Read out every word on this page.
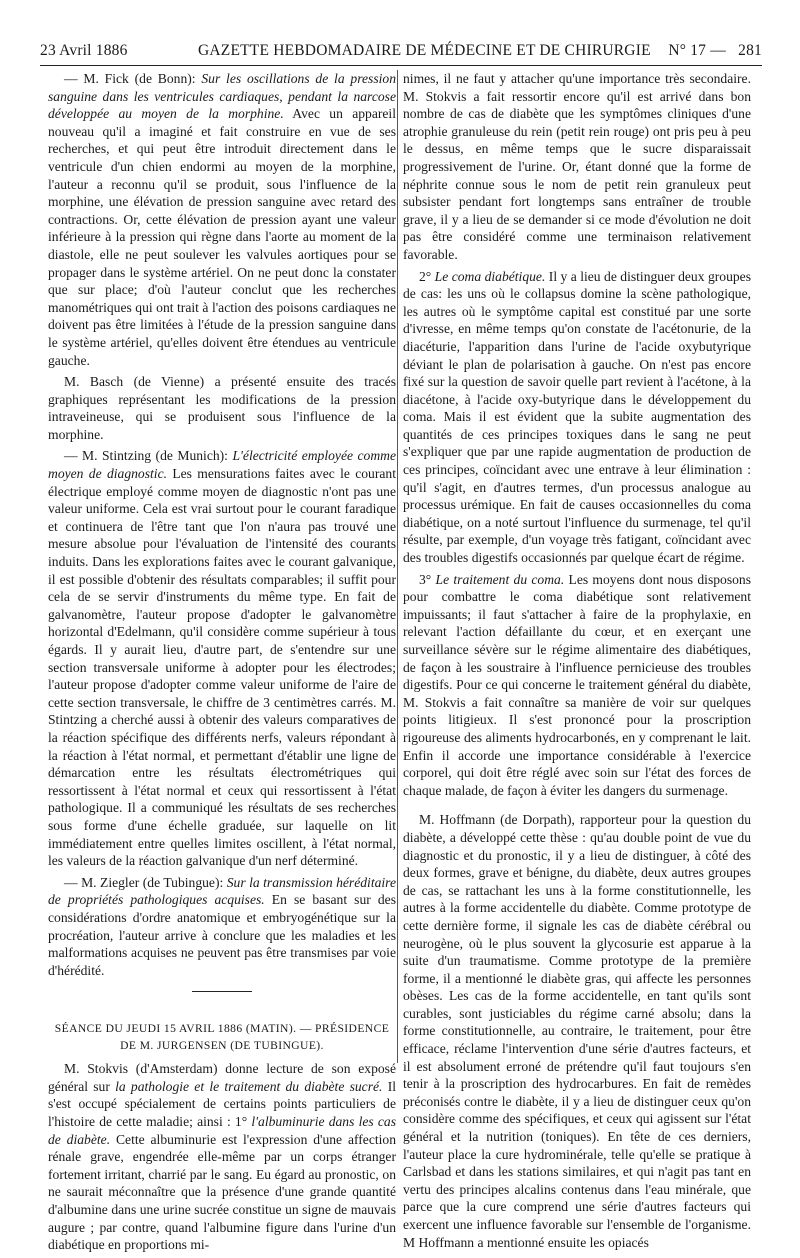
23 Avril 1886	GAZETTE HEBDOMADAIRE DE MÉDECINE ET DE CHIRURGIE N° 17 — 281

— M. Fick (de Bonn): Sur les oscillations de la pression sanguine dans les ventricules cardiaques, pendant la narcose développée au moyen de la morphine. Avec un appareil nouveau qu'il a imaginé et fait construire en vue de ses recherches, et qui peut être introduit directement dans le ventricule d'un chien endormi au moyen de la morphine, l'auteur a reconnu qu'il se produit, sous l'influence de la morphine, une élévation de pression sanguine avec retard des contractions. Or, cette élévation de pression ayant une valeur inférieure à la pression qui règne dans l'aorte au moment de la diastole, elle ne peut soulever les valvules aortiques pour se propager dans le système artériel. On ne peut donc la constater que sur place; d'où l'auteur conclut que les recherches manométriques qui ont trait à l'action des poisons cardiaques ne doivent pas être limitées à l'étude de la pression sanguine dans le système artériel, qu'elles doivent être étendues au ventricule gauche.

M. Basch (de Vienne) a présenté ensuite des tracés graphiques représentant les modifications de la pression intraveineuse, qui se produisent sous l'influence de la morphine.

— M. Stintzing (de Munich): L'électricité employée comme moyen de diagnostic. Les mensurations faites avec le courant électrique employé comme moyen de diagnostic n'ont pas une valeur uniforme. Cela est vrai surtout pour le courant faradique et continuera de l'être tant que l'on n'aura pas trouvé une mesure absolue pour l'évaluation de l'intensité des courants induits. Dans les explorations faites avec le courant galvanique, il est possible d'obtenir des résultats comparables; il suffit pour cela de se servir d'instruments du même type. En fait de galvanomètre, l'auteur propose d'adopter le galvanomètre horizontal d'Edelmann, qu'il considère comme supérieur à tous égards. Il y aurait lieu, d'autre part, de s'entendre sur une section transversale uniforme à adopter pour les électrodes; l'auteur propose d'adopter comme valeur uniforme de l'aire de cette section transversale, le chiffre de 3 centimètres carrés. M. Stintzing a cherché aussi à obtenir des valeurs comparatives de la réaction spécifique des différents nerfs, valeurs répondant à la réaction à l'état normal, et permettant d'établir une ligne de démarcation entre les résultats électrométriques qui ressortissent à l'état normal et ceux qui ressortissent à l'état pathologique. Il a communiqué les résultats de ses recherches sous forme d'une échelle graduée, sur laquelle on lit immédiatement entre quelles limites oscillent, à l'état normal, les valeurs de la réaction galvanique d'un nerf déterminé.

— M. Ziegler (de Tubingue): Sur la transmission héréditaire de propriétés pathologiques acquises. En se basant sur des considérations d'ordre anatomique et embryogénétique sur la procréation, l'auteur arrive à conclure que les maladies et les malformations acquises ne peuvent pas être transmises par voie d'hérédité.

SÉANCE DU JEUDI 15 AVRIL 1886 (MATIN). — PRÉSIDENCE DE M. JURGENSEN (DE TUBINGUE).

M. Stokvis (d'Amsterdam) donne lecture de son exposé général sur la pathologie et le traitement du diabète sucré. Il s'est occupé spécialement de certains points particuliers de l'histoire de cette maladie; ainsi : 1° l'albuminurie dans les cas de diabète. Cette albuminurie est l'expression d'une affection rénale grave, engendrée elle-même par un corps étranger fortement irritant, charrié par le sang. Eu égard au pronostic, on ne saurait méconnaître que la présence d'une grande quantité d'albumine dans une urine sucrée constitue un signe de mauvais augure ; par contre, quand l'albumine figure dans l'urine d'un diabétique en proportions mi-

nimes, il ne faut y attacher qu'une importance très secondaire. M. Stokvis a fait ressortir encore qu'il est arrivé dans bon nombre de cas de diabète que les symptômes cliniques d'une atrophie granuleuse du rein (petit rein rouge) ont pris peu à peu le dessus, en même temps que le sucre disparaissait progressivement de l'urine. Or, étant donné que la forme de néphrite connue sous le nom de petit rein granuleux peut subsister pendant fort longtemps sans entraîner de trouble grave, il y a lieu de se demander si ce mode d'évolution ne doit pas être considéré comme une terminaison relativement favorable.

2° Le coma diabétique. Il y a lieu de distinguer deux groupes de cas: les uns où le collapsus domine la scène pathologique, les autres où le symptôme capital est constitué par une sorte d'ivresse, en même temps qu'on constate de l'acétonurie, de la diacéturie, l'apparition dans l'urine de l'acide oxybutyrique déviant le plan de polarisation à gauche. On n'est pas encore fixé sur la question de savoir quelle part revient à l'acétone, à la diacétone, à l'acide oxy-butyrique dans le développement du coma. Mais il est évident que la subite augmentation des quantités de ces principes toxiques dans le sang ne peut s'expliquer que par une rapide augmentation de production de ces principes, coïncidant avec une entrave à leur élimination : qu'il s'agit, en d'autres termes, d'un processus analogue au processus urémique. En fait de causes occasionnelles du coma diabétique, on a noté surtout l'influence du surmenage, tel qu'il résulte, par exemple, d'un voyage très fatigant, coïncidant avec des troubles digestifs occasionnés par quelque écart de régime.

3° Le traitement du coma. Les moyens dont nous disposons pour combattre le coma diabétique sont relativement impuissants; il faut s'attacher à faire de la prophylaxie, en relevant l'action défaillante du cœur, et en exerçant une surveillance sévère sur le régime alimentaire des diabétiques, de façon à les soustraire à l'influence pernicieuse des troubles digestifs. Pour ce qui concerne le traitement général du diabète, M. Stokvis a fait connaître sa manière de voir sur quelques points litigieux. Il s'est prononcé pour la proscription rigoureuse des aliments hydrocarbonés, en y comprenant le lait. Enfin il accorde une importance considérable à l'exercice corporel, qui doit être réglé avec soin sur l'état des forces de chaque malade, de façon à éviter les dangers du surmenage.

M. Hoffmann (de Dorpath), rapporteur pour la question du diabète, a développé cette thèse : qu'au double point de vue du diagnostic et du pronostic, il y a lieu de distinguer, à côté des deux formes, grave et bénigne, du diabète, deux autres groupes de cas, se rattachant les uns à la forme constitutionnelle, les autres à la forme accidentelle du diabète. Comme prototype de cette dernière forme, il signale les cas de diabète cérébral ou neurogène, où le plus souvent la glycosurie est apparue à la suite d'un traumatisme. Comme prototype de la première forme, il a mentionné le diabète gras, qui affecte les personnes obèses. Les cas de la forme accidentelle, en tant qu'ils sont curables, sont justiciables du régime carné absolu; dans la forme constitutionnelle, au contraire, le traitement, pour être efficace, réclame l'intervention d'une série d'autres facteurs, et il est absolument erroné de prétendre qu'il faut toujours s'en tenir à la proscription des hydrocarbures. En fait de remèdes préconisés contre le diabète, il y a lieu de distinguer ceux qu'on considère comme des spécifiques, et ceux qui agissent sur l'état général et la nutrition (toniques). En tête de ces derniers, l'auteur place la cure hydrominérale, telle qu'elle se pratique à Carlsbad et dans les stations similaires, et qui n'agit pas tant en vertu des principes alcalins contenus dans l'eau minérale, que parce que la cure comprend une série d'autres facteurs qui exercent une influence favorable sur l'ensemble de l'organisme. M Hoffmann a mentionné ensuite les opiacés
